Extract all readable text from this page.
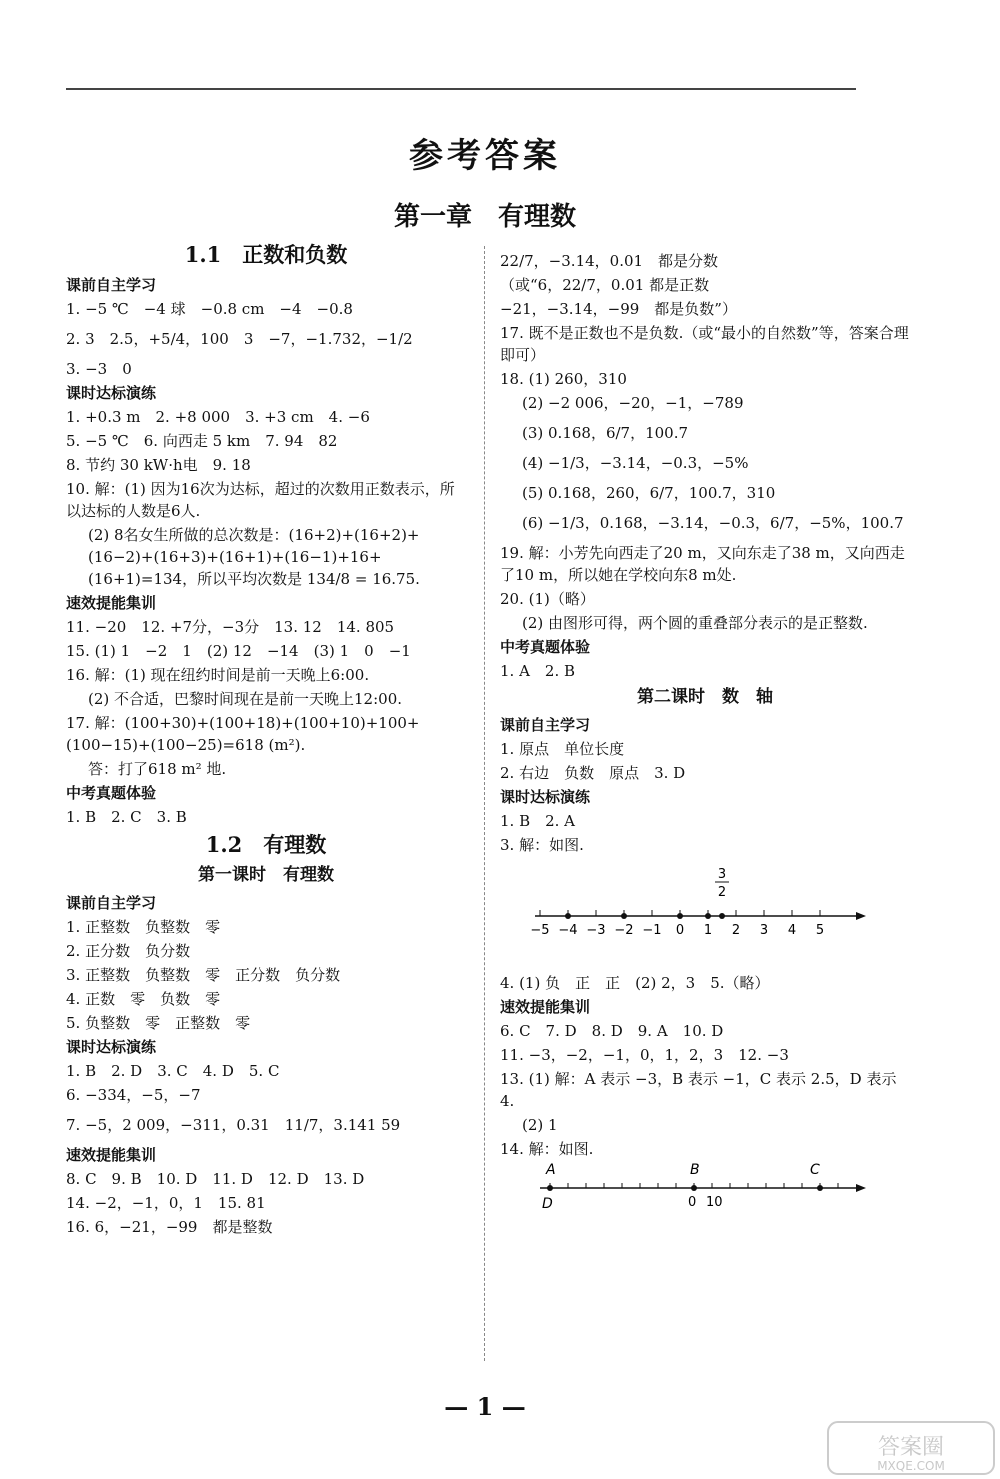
参考答案
第一章　有理数
1.1　正数和负数
课前自主学习
1. −5 ℃　−4 球　−0.8 cm　−4　−0.8
2. 3　2.5，+5/4，100　3　−7，−1.732，−1/2
3. −3　0
课时达标演练
1. +0.3 m　2. +8 000　3. +3 cm　4. −6
5. −5 ℃　6. 向西走 5 km　7. 94　82
8. 节约 30 kW·h电　9. 18
10. 解：(1) 因为16次为达标，超过的次数用正数表示，所以达标的人数是6人.
(2) 8名女生所做的总次数是：(16+2)+(16+2)+(16−2)+(16+3)+(16+1)+(16−1)+16+(16+1)=134，所以平均次数是 134/8 = 16.75.
速效提能集训
11. −20　12. +7分，−3分　13. 12　14. 805
15. (1) 1　−2　1　(2) 12　−14　(3) 1　0　−1
16. 解：(1) 现在纽约时间是前一天晚上6:00.
(2) 不合适，巴黎时间现在是前一天晚上12:00.
17. 解：(100+30)+(100+18)+(100+10)+100+(100−15)+(100−25)=618 (m²).
答：打了618 m² 地.
中考真题体验
1. B　2. C　3. B
1.2　有理数
第一课时　有理数
课前自主学习
1. 正整数　负整数　零
2. 正分数　负分数
3. 正整数　负整数　零　正分数　负分数
4. 正数　零　负数　零
5. 负整数　零　正整数　零
课时达标演练
1. B　2. D　3. C　4. D　5. C
6. −334，−5，−7
7. −5，2 009，−311，0.31　11/7，3.141 59
速效提能集训
8. C　9. B　10. D　11. D　12. D　13. D
14. −2，−1，0，1　15. 81
16. 6，−21，−99　都是整数
22/7，−3.14，0.01　都是分数
（或“6，22/7，0.01 都是正数
−21，−3.14，−99　都是负数”）
17. 既不是正数也不是负数.（或“最小的自然数”等，答案合理即可）
18. (1) 260，310
(2) −2 006，−20，−1，−789
(3) 0.168，6/7，100.7
(4) −1/3，−3.14，−0.3，−5%
(5) 0.168，260，6/7，100.7，310
(6) −1/3，0.168，−3.14，−0.3，6/7，−5%，100.7
19. 解：小芳先向西走了20 m，又向东走了38 m，又向西走了10 m，所以她在学校向东8 m处.
20. (1)（略）
(2) 由图形可得，两个圆的重叠部分表示的是正整数.
中考真题体验
1. A　2. B
第二课时　数　轴
课前自主学习
1. 原点　单位长度
2. 右边　负数　原点　3. D
课时达标演练
1. B　2. A
3. 解：如图.
3
2
−5 −4 −3 −2 −1 0 1 2 3 4 5
4. (1) 负　正　正　(2) 2，3　5.（略）
速效提能集训
6. C　7. D　8. D　9. A　10. D
11. −3，−2，−1，0，1，2，3　12. −3
13. (1) 解：A 表示 −3，B 表示 −1，C 表示 2.5，D 表示 4.
(2) 1
14. 解：如图.
A	B	C
D	0 10
— 1 —
答案圈
MXQE.COM
